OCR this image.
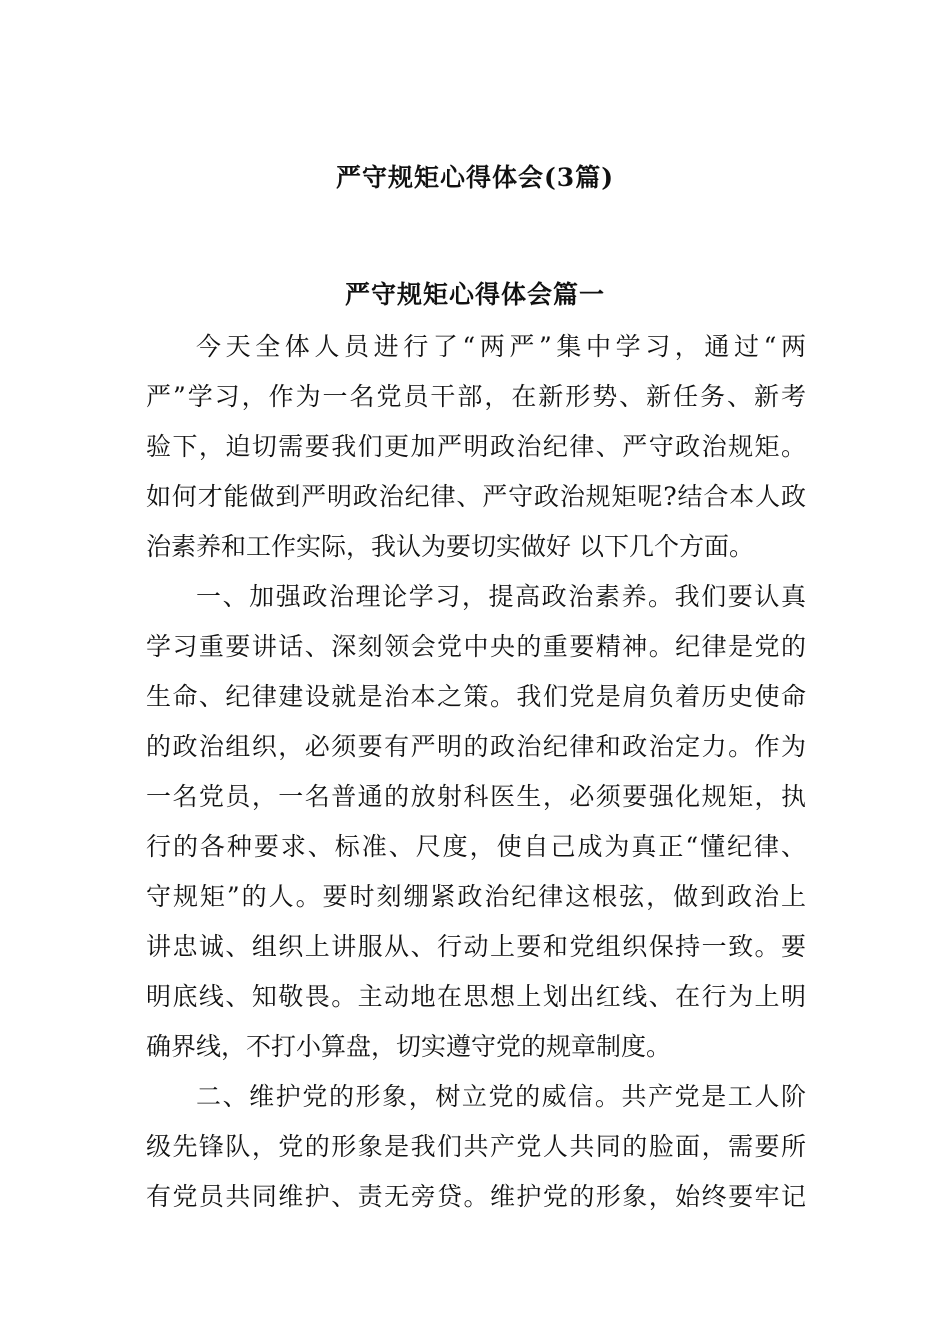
严守规矩心得体会(3篇)
严守规矩心得体会篇一
今天全体人员进行了“两严”集中学习，通过“两
严”学习，作为一名党员干部，在新形势、新任务、新考
验下，迫切需要我们更加严明政治纪律、严守政治规矩。
如何才能做到严明政治纪律、严守政治规矩呢?结合本人政
治素养和工作实际，我认为要切实做好 以下几个方面。
一、加强政治理论学习，提高政治素养。我们要认真
学习重要讲话、深刻领会党中央的重要精神。纪律是党的
生命、纪律建设就是治本之策。我们党是肩负着历史使命
的政治组织，必须要有严明的政治纪律和政治定力。作为
一名党员，一名普通的放射科医生，必须要强化规矩，执
行的各种要求、标准、尺度，使自己成为真正“懂纪律、
守规矩”的人。要时刻绷紧政治纪律这根弦，做到政治上
讲忠诚、组织上讲服从、行动上要和党组织保持一致。要
明底线、知敬畏。主动地在思想上划出红线、在行为上明
确界线，不打小算盘，切实遵守党的规章制度。
二、维护党的形象，树立党的威信。共产党是工人阶
级先锋队，党的形象是我们共产党人共同的脸面，需要所
有党员共同维护、责无旁贷。维护党的形象，始终要牢记
